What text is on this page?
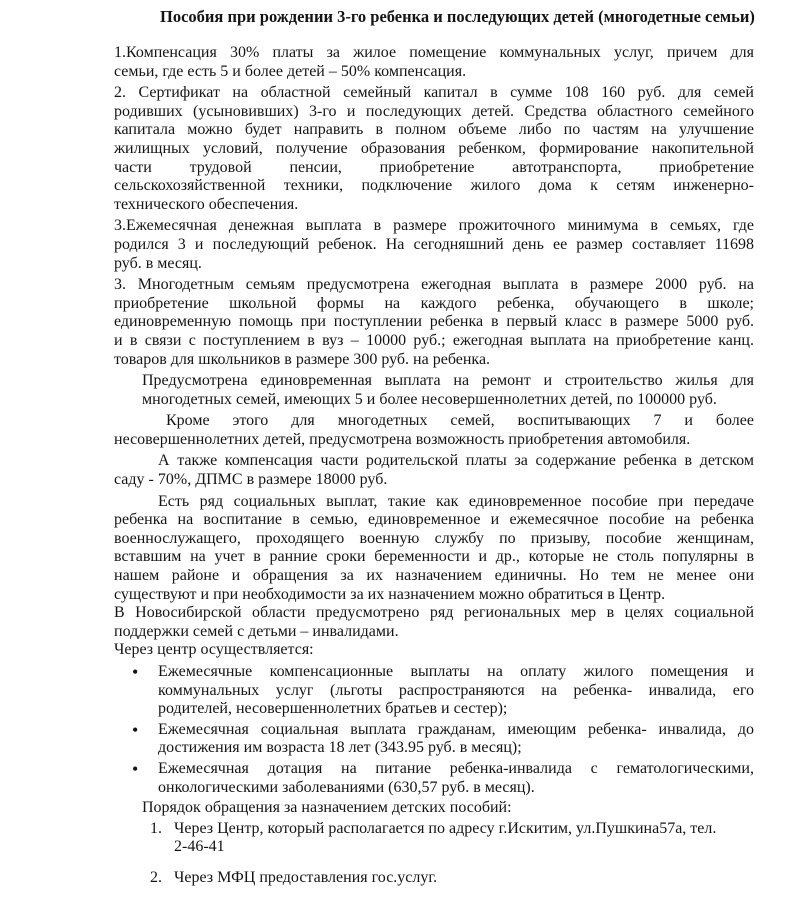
Пособия при рождении 3-го ребенка и последующих детей (многодетные семьи)

1.Компенсация 30% платы за жилое помещение коммунальных услуг, причем для
семьи, где есть 5 и более детей – 50% компенсация.

2. Сертификат на областной семейный капитал в сумме 108 160 руб. для семей
родивших (усыновивших) 3-го и последующих детей. Средства областного семейного
капитала можно будет направить в полном объеме либо по частям на улучшение
жилищных условий, получение образования ребенком, формирование накопительной
части трудовой пенсии, приобретение автотранспорта, приобретение
сельскохозяйственной техники, подключение жилого дома к сетям инженерно-
технического обеспечения.

3.Ежемесячная денежная выплата в размере прожиточного минимума в семьях, где
родился 3 и последующий ребенок. На сегодняшний день ее размер составляет 11698
руб. в месяц.

3. Многодетным семьям предусмотрена ежегодная выплата в размере 2000 руб. на
приобретение школьной формы на каждого ребенка, обучающего в школе;
единовременную помощь при поступлении ребенка в первый класс в размере 5000 руб.
и в связи с поступлением в вуз – 10000 руб.; ежегодная выплата на приобретение канц.
товаров для школьников в размере 300 руб. на ребенка.

Предусмотрена единовременная выплата на ремонт и строительство жилья для
многодетных семей, имеющих 5 и более несовершеннолетних детей, по 100000 руб.

Кроме этого для многодетных семей, воспитывающих 7 и более
несовершеннолетних детей, предусмотрена возможность приобретения автомобиля.

А также компенсация части родительской платы за содержание ребенка в детском
саду - 70%, ДПМС в размере 18000 руб.

Есть ряд социальных выплат, такие как единовременное пособие при передаче
ребенка на воспитание в семью, единовременное и ежемесячное пособие на ребенка
военнослужащего, проходящего военную службу по призыву, пособие женщинам,
вставшим на учет в ранние сроки беременности и др., которые не столь популярны в
нашем районе и обращения за их назначением единичны. Но тем не менее они
существуют и при необходимости за их назначением можно обратиться в Центр.

В Новосибирской области предусмотрено ряд региональных мер в целях социальной
поддержки семей с детьми – инвалидами.

Через центр осуществляется:

• Ежемесячные компенсационные выплаты на оплату жилого помещения и
коммунальных услуг (льготы распространяются на ребенка- инвалида, его
родителей, несовершеннолетних братьев и сестер);
• Ежемесячная социальная выплата гражданам, имеющим ребенка- инвалида, до
достижения им возраста 18 лет (343.95 руб. в месяц);
• Ежемесячная дотация на питание ребенка-инвалида с гематологическими,
онкологическими заболеваниями (630,57 руб. в месяц).

Порядок обращения за назначением детских пособий:

1. Через Центр, который располагается по адресу г.Искитим, ул.Пушкина57а, тел.
2-46-41
2. Через МФЦ предоставления гос.услуг.
